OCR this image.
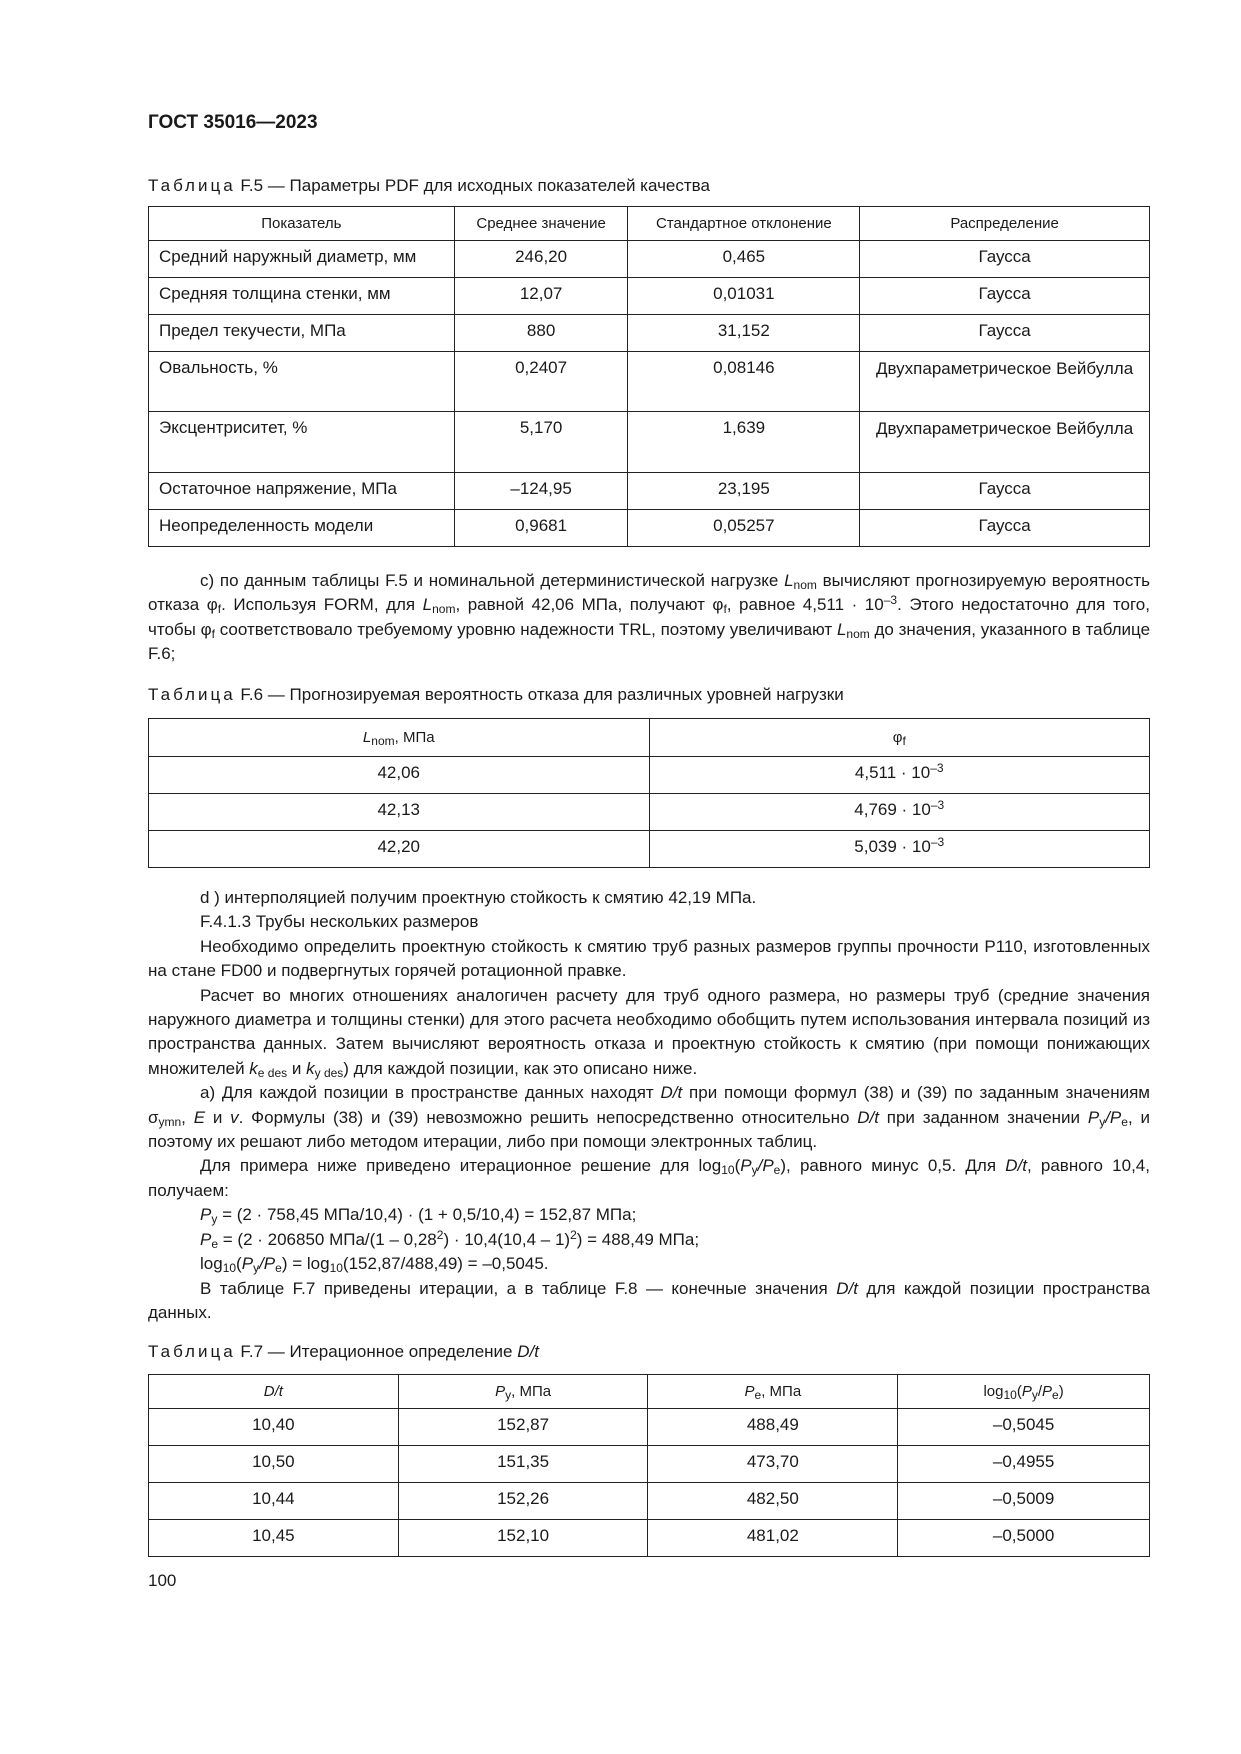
ГОСТ 35016—2023
Таблица F.5 — Параметры PDF для исходных показателей качества
Показатель	Среднее значение	Стандартное отклонение	Распределение
Средний наружный диаметр, мм	246,20	0,465	Гаусса
Средняя толщина стенки, мм	12,07	0,01031	Гаусса
Предел текучести, МПа	880	31,152	Гаусса
Овальность, %	0,2407	0,08146	Двухпараметрическое Вейбулла
Эксцентриситет, %	5,170	1,639	Двухпараметрическое Вейбулла
Остаточное напряжение, МПа	–124,95	23,195	Гаусса
Неопределенность модели	0,9681	0,05257	Гаусса

c) по данным таблицы F.5 и номинальной детерминистической нагрузке $L_{nom}$ вычисляют прогнозируемую вероятность отказа $\varphi_f$. Используя FORM, для $L_{nom}$, равной 42,06 МПа, получают $\varphi_f$, равное $4,511 \cdot 10^{-3}$. Этого недостаточно для того, чтобы $\varphi_f$ соответствовало требуемому уровню надежности TRL, поэтому увеличивают $L_{nom}$ до значения, указанного в таблице F.6;

Таблица F.6 — Прогнозируемая вероятность отказа для различных уровней нагрузки
$L_{nom}$, МПа	$\varphi_f$
42,06	$4,511 \cdot 10^{-3}$
42,13	$4,769 \cdot 10^{-3}$
42,20	$5,039 \cdot 10^{-3}$

d ) интерполяцией получим проектную стойкость к смятию 42,19 МПа.

F.4.1.3 Трубы нескольких размеров

Необходимо определить проектную стойкость к смятию труб разных размеров группы прочности P110, изготовленных на стане FD00 и подвергнутых горячей ротационной правке.

Расчет во многих отношениях аналогичен расчету для труб одного размера, но размеры труб (средние значения наружного диаметра и толщины стенки) для этого расчета необходимо обобщить путем использования интервала позиций из пространства данных. Затем вычисляют вероятность отказа и проектную стойкость к смятию (при помощи понижающих множителей $k_{e des}$ и $k_{y des}$) для каждой позиции, как это описано ниже.

a) Для каждой позиции в пространстве данных находят D/t при помощи формул (38) и (39) по заданным значениям $\sigma_{ymn}$, E и v. Формулы (38) и (39) невозможно решить непосредственно относительно D/t при заданном значении $P_y/P_e$, и поэтому их решают либо методом итерации, либо при помощи электронных таблиц.

Для примера ниже приведено итерационное решение для $\log_{10}(P_y/P_e)$, равного минус 0,5. Для D/t, равного 10,4, получаем:

$P_y = (2 \cdot 758,45$ МПа/10,4) · (1 + 0,5/10,4) = 152,87 МПа;

$P_e = (2 \cdot 206850$ $МПа/(1 - 0,28^2) \cdot 10,4(10,4 - 1)^2) = 488,49$ МПа;

$\log_{10}(P_y/P_e) = \log_{10}(152,87/488,49) = -0,5045$.

В таблице F.7 приведены итерации, а в таблице F.8 — конечные значения D/t для каждой позиции пространства данных.

Таблица F.7 — Итерационное определение D/t
D/t	$P_y$, МПа	$P_e$, МПа	$\log_{10}(P_y/P_e)$
10,40	152,87	488,49	–0,5045
10,50	151,35	473,70	–0,4955
10,44	152,26	482,50	–0,5009
10,45	152,10	481,02	–0,5000
100
